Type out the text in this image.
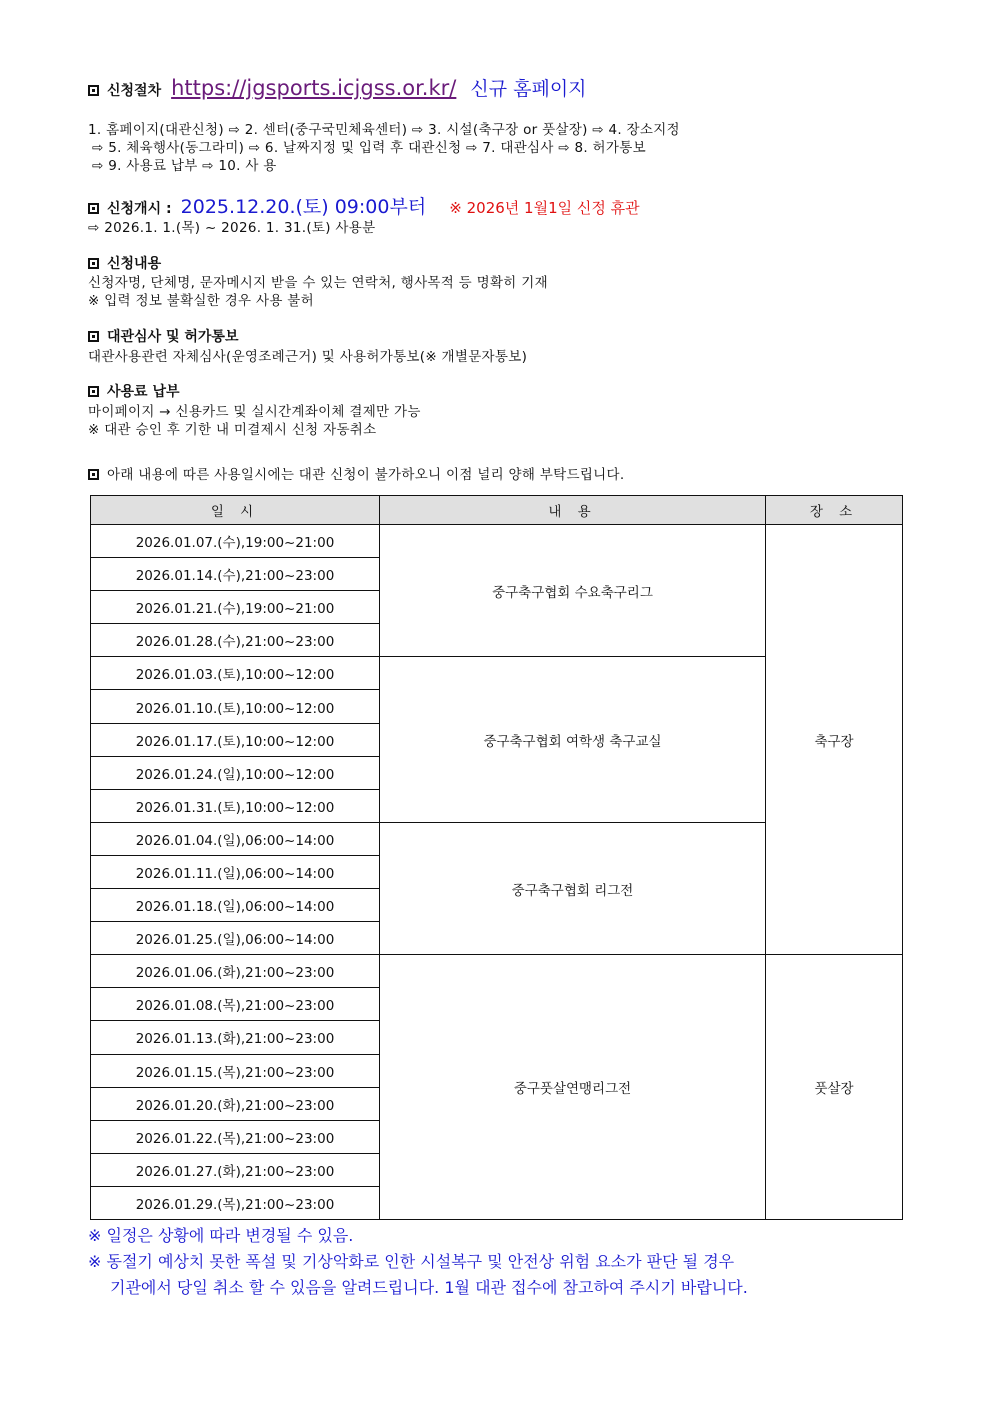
신청절차 https://jgsports.icjgss.or.kr/ 신규 홈페이지
1. 홈페이지(대관신청) ⇨ 2. 센터(중구국민체육센터) ⇨ 3. 시설(축구장 or 풋살장) ⇨ 4. 장소지정
⇨ 5. 체육행사(동그라미) ⇨ 6. 날짜지정 및 입력 후 대관신청 ⇨ 7. 대관심사 ⇨ 8. 허가통보
⇨ 9. 사용료 납부 ⇨ 10. 사 용
신청개시 : 2025.12.20.(토) 09:00부터 ※ 2026년 1월1일 신정 휴관
⇨ 2026.1. 1.(목) ~ 2026. 1. 31.(토) 사용분
신청내용
신청자명, 단체명, 문자메시지 받을 수 있는 연락처, 행사목적 등 명확히 기재
※ 입력 정보 불확실한 경우 사용 불허
대관심사 및 허가통보
대관사용관련 자체심사(운영조례근거) 및 사용허가통보(※ 개별문자통보)
사용료 납부
마이페이지 → 신용카드 및 실시간계좌이체 결제만 가능
※ 대관 승인 후 기한 내 미결제시 신청 자동취소
아래 내용에 따른 사용일시에는 대관 신청이 불가하오니 이점 널리 양해 부탁드립니다.
일 시	내 용	장 소
2026.01.07.(수),19:00~21:00	중구축구협회 수요축구리그	축구장
2026.01.14.(수),21:00~23:00		
2026.01.21.(수),19:00~21:00		
2026.01.28.(수),21:00~23:00		
2026.01.03.(토),10:00~12:00	중구축구협회 여학생 축구교실	
2026.01.10.(토),10:00~12:00		
2026.01.17.(토),10:00~12:00		
2026.01.24.(일),10:00~12:00		
2026.01.31.(토),10:00~12:00		
2026.01.04.(일),06:00~14:00	중구축구협회 리그전	
2026.01.11.(일),06:00~14:00		
2026.01.18.(일),06:00~14:00		
2026.01.25.(일),06:00~14:00		
2026.01.06.(화),21:00~23:00	중구풋살연맹리그전	풋살장
2026.01.08.(목),21:00~23:00		
2026.01.13.(화),21:00~23:00		
2026.01.15.(목),21:00~23:00		
2026.01.20.(화),21:00~23:00		
2026.01.22.(목),21:00~23:00		
2026.01.27.(화),21:00~23:00		
2026.01.29.(목),21:00~23:00		
※ 일정은 상황에 따라 변경될 수 있음.
※ 동절기 예상치 못한 폭설 및 기상악화로 인한 시설복구 및 안전상 위험 요소가 판단 될 경우
기관에서 당일 취소 할 수 있음을 알려드립니다. 1월 대관 접수에 참고하여 주시기 바랍니다.
